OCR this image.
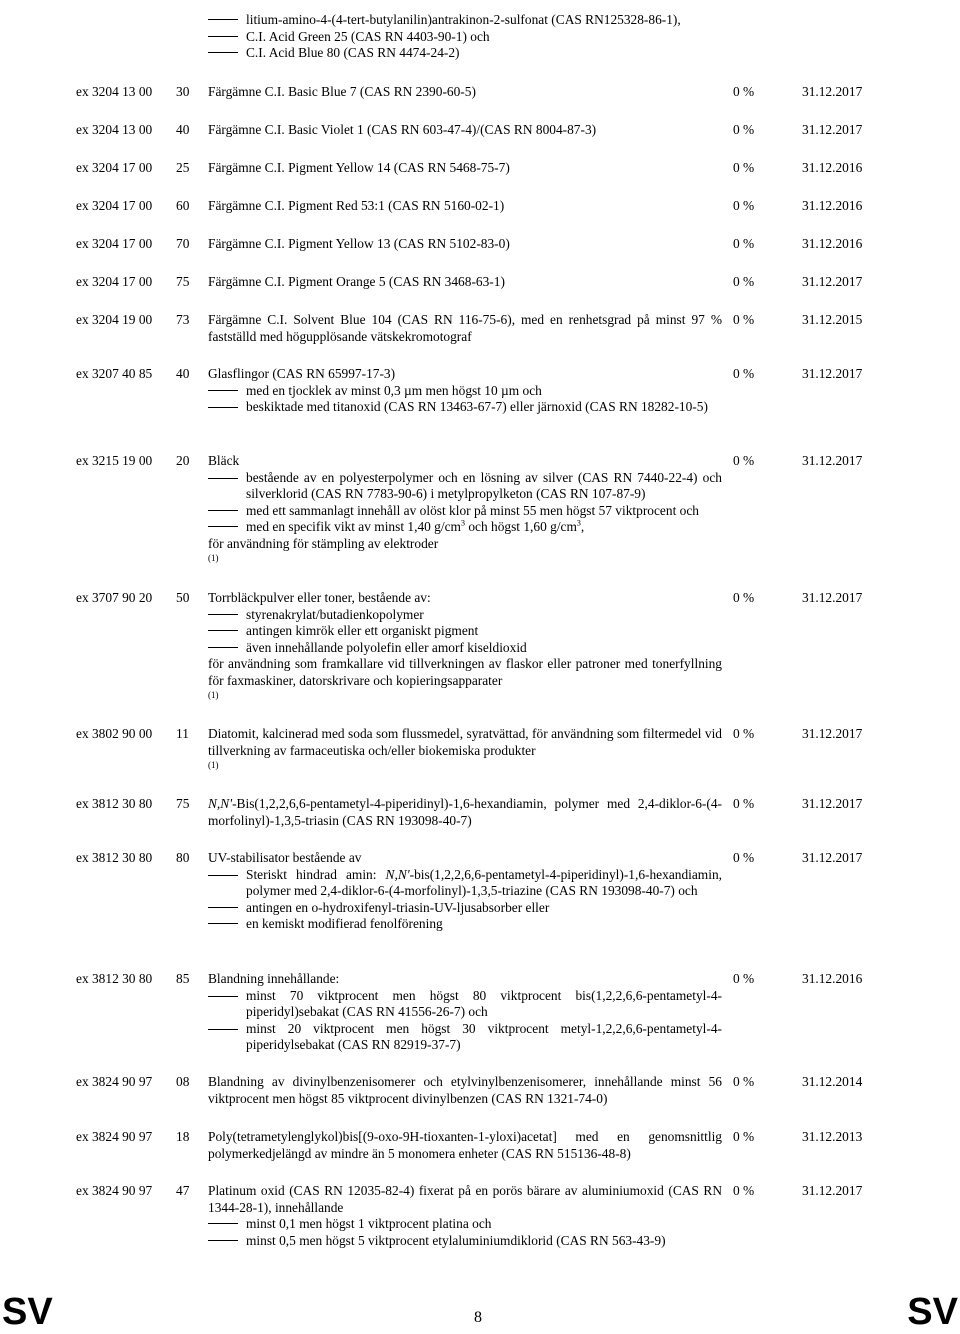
litium-amino-4-(4-tert-butylanilin)antrakinon-2-sulfonat (CAS RN125328-86-1),

C.I. Acid Green 25 (CAS RN 4403-90-1) och

C.I. Acid Blue 80 (CAS RN 4474-24-2)

ex 3204 13 00 30 Färgämne C.I. Basic Blue 7 (CAS RN 2390-60-5)	0 %	31.12.2017
ex 3204 13 00 40 Färgämne C.I. Basic Violet 1 (CAS RN 603-47-4)/(CAS RN 8004-87-3)	0 %	31.12.2017
ex 3204 17 00 25 Färgämne C.I. Pigment Yellow 14 (CAS RN 5468-75-7)	0 %	31.12.2016
ex 3204 17 00 60 Färgämne C.I. Pigment Red 53:1 (CAS RN 5160-02-1)	0 %	31.12.2016
ex 3204 17 00 70 Färgämne C.I. Pigment Yellow 13 (CAS RN 5102-83-0)	0 %	31.12.2016
ex 3204 17 00 75 Färgämne C.I. Pigment Orange 5 (CAS RN 3468-63-1)	0 %	31.12.2017
ex 3204 19 00 73 Färgämne C.I. Solvent Blue 104 (CAS RN 116-75-6), med en renhetsgrad på minst 97 % fastställd med högupplösande vätskekromotograf
0 %	31.12.2015
ex 3207 40 85 40 Glasflingor (CAS RN 65997-17-3)
med en tjocklek av minst 0,3 µm men högst 10 µm och
beskiktade med titanoxid (CAS RN 13463-67-7) eller järnoxid (CAS RN 18282-10-5)
0 %	31.12.2017
ex 3215 19 00 20 Bläck
bestående av en polyesterpolymer och en lösning av silver (CAS RN 7440-22-4) och silverklorid (CAS RN 7783-90-6) i metylpropylketon (CAS RN 107-87-9)
med ett sammanlagt innehåll av olöst klor på minst 55 men högst 57 viktprocent och
med en specifik vikt av minst 1,40 $g/cm^3$ och högst 1,60 $g/cm^3$,
för användning för stämpling av elektroder
(1)
0 %	31.12.2017
ex 3707 90 20 50 Torrbläckpulver eller toner, bestående av:
styrenakrylat/butadienkopolymer
antingen kimrök eller ett organiskt pigment
även innehållande polyolefin eller amorf kiseldioxid
för användning som framkallare vid tillverkningen av flaskor eller patroner med tonerfyllning för faxmaskiner, datorskrivare och kopieringsapparater
(1)
0 %	31.12.2017
ex 3802 90 00 11 Diatomit, kalcinerad med soda som flussmedel, syratvättad, för användning som filtermedel vid tillverkning av farmaceutiska och/eller biokemiska produkter
(1)
0 %	31.12.2017
ex 3812 30 80 75 N,N'-Bis(1,2,2,6,6-pentametyl-4-piperidinyl)-1,6-hexandiamin, polymer med 2,4-diklor-6-(4-morfolinyl)-1,3,5-triasin (CAS RN 193098-40-7)
0 %	31.12.2017
ex 3812 30 80 80 UV-stabilisator bestående av
Steriskt hindrad amin: N,N'-bis(1,2,2,6,6-pentametyl-4-piperidinyl)-1,6-hexandiamin, polymer med 2,4-diklor-6-(4-morfolinyl)-1,3,5-triazine (CAS RN 193098-40-7) och
antingen en o-hydroxifenyl-triasin-UV-ljusabsorber eller
en kemiskt modifierad fenolförening
0 %	31.12.2017
ex 3812 30 80 85 Blandning innehållande:
minst 70 viktprocent men högst 80 viktprocent bis(1,2,2,6,6-pentametyl-4-piperidyl)sebakat (CAS RN 41556-26-7) och
minst 20 viktprocent men högst 30 viktprocent metyl-1,2,2,6,6-pentametyl-4-piperidylsebakat (CAS RN 82919-37-7)
0 %	31.12.2016
ex 3824 90 97 08 Blandning av divinylbenzenisomerer och etylvinylbenzenisomerer, innehållande minst 56 viktprocent men högst 85 viktprocent divinylbenzen (CAS RN 1321-74-0)
0 %	31.12.2014
ex 3824 90 97 18 Poly(tetrametylenglykol)bis[(9-oxo-9H-tioxanten-1-yloxi)acetat] med en genomsnittlig polymerkedjelängd av mindre än 5 monomera enheter (CAS RN 515136-48-8)
0 %	31.12.2013
ex 3824 90 97 47 Platinum oxid (CAS RN 12035-82-4) fixerat på en porös bärare av aluminiumoxid (CAS RN 1344-28-1), innehållande
minst 0,1 men högst 1 viktprocent platina och
minst 0,5 men högst 5 viktprocent etylaluminiumdiklorid (CAS RN 563-43-9)
0 %	31.12.2017
SV	8	SV
